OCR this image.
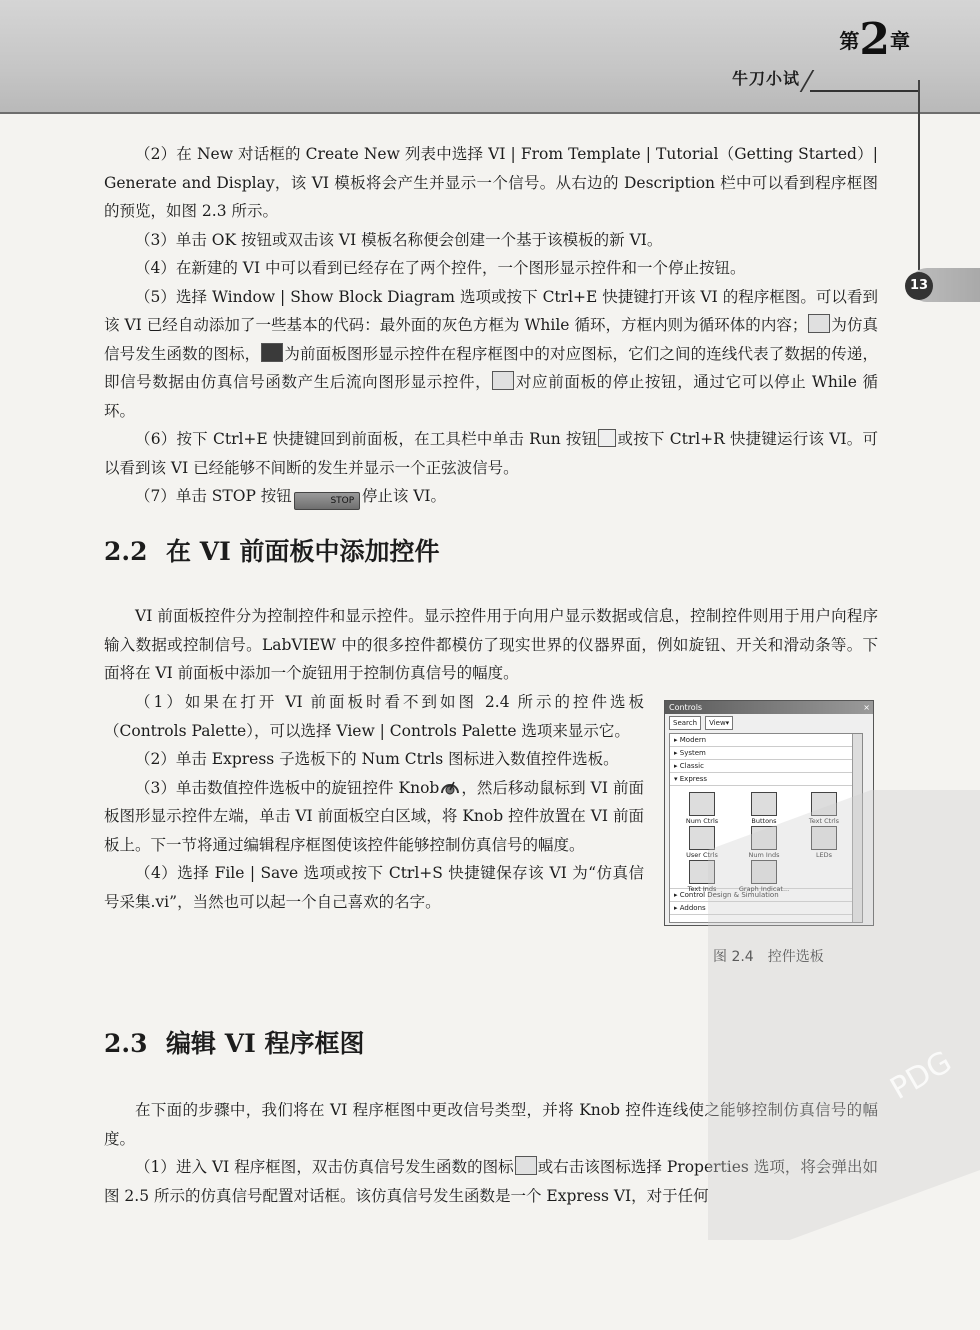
第2章
牛刀小试
13

（2）在 New 对话框的 Create New 列表中选择 VI | From Template | Tutorial（Getting Started）| Generate and Display，该 VI 模板将会产生并显示一个信号。从右边的 Description 栏中可以看到程序框图的预览，如图 2.3 所示。

（3）单击 OK 按钮或双击该 VI 模板名称便会创建一个基于该模板的新 VI。

（4）在新建的 VI 中可以看到已经存在了两个控件，一个图形显示控件和一个停止按钮。

（5）选择 Window | Show Block Diagram 选项或按下 Ctrl+E 快捷键打开该 VI 的程序框图。可以看到该 VI 已经自动添加了一些基本的代码：最外面的灰色方框为 While 循环，方框内则为循环体的内容； 为仿真信号发生函数的图标， 为前面板图形显示控件在程序框图中的对应图标，它们之间的连线代表了数据的传递，即信号数据由仿真信号函数产生后流向图形显示控件， 对应前面板的停止按钮，通过它可以停止 While 循环。

（6）按下 Ctrl+E 快捷键回到前面板，在工具栏中单击 Run 按钮 或按下 Ctrl+R 快捷键运行该 VI。可以看到该 VI 已经能够不间断的发生并显示一个正弦波信号。

（7）单击 STOP 按钮	STOP 停止该 VI。

2.2 在 VI 前面板中添加控件

VI 前面板控件分为控制控件和显示控件。显示控件用于向用户显示数据或信息，控制控件则用于用户向程序输入数据或控制信号。LabVIEW 中的很多控件都模仿了现实世界的仪器界面，例如旋钮、开关和滑动条等。下面将在 VI 前面板中添加一个旋钮用于控制仿真信号的幅度。

（1）如果在打开 VI 前面板时看不到如图 2.4 所示的控件选板（Controls Palette），可以选择 View | Controls Palette 选项来显示它。

（2）单击 Express 子选板下的 Num Ctrls 图标进入数值控件选板。

（3）单击数值控件选板中的旋钮控件 Knob ，然后移动鼠标到 VI 前面板图形显示控件左端，单击 VI 前面板空白区域，将 Knob 控件放置在 VI 前面板上。下一节将通过编辑程序框图使该控件能够控制仿真信号的幅度。

（4）选择 File | Save 选项或按下 Ctrl+S 快捷键保存该 VI 为“仿真信号采集.vi”，当然也可以起一个自己喜欢的名字。

Controls	×
Search	View▾
▸ Modern
▸ System
▸ Classic
▾ Express
Num Ctrls	Buttons	Text Ctrls
User Ctrls	Num Inds	LEDs
Text Inds	Graph Indicat...
▸ Control Design & Simulation
▸ Addons
图 2.4　控件选板
2.3 编辑 VI 程序框图

在下面的步骤中，我们将在 VI 程序框图中更改信号类型，并将 Knob 控件连线使之能够控制仿真信号的幅度。

（1）进入 VI 程序框图，双击仿真信号发生函数的图标 或右击该图标选择 Properties 选项，将会弹出如图 2.5 所示的仿真信号配置对话框。该仿真信号发生函数是一个 Express VI，对于任何

PDG
